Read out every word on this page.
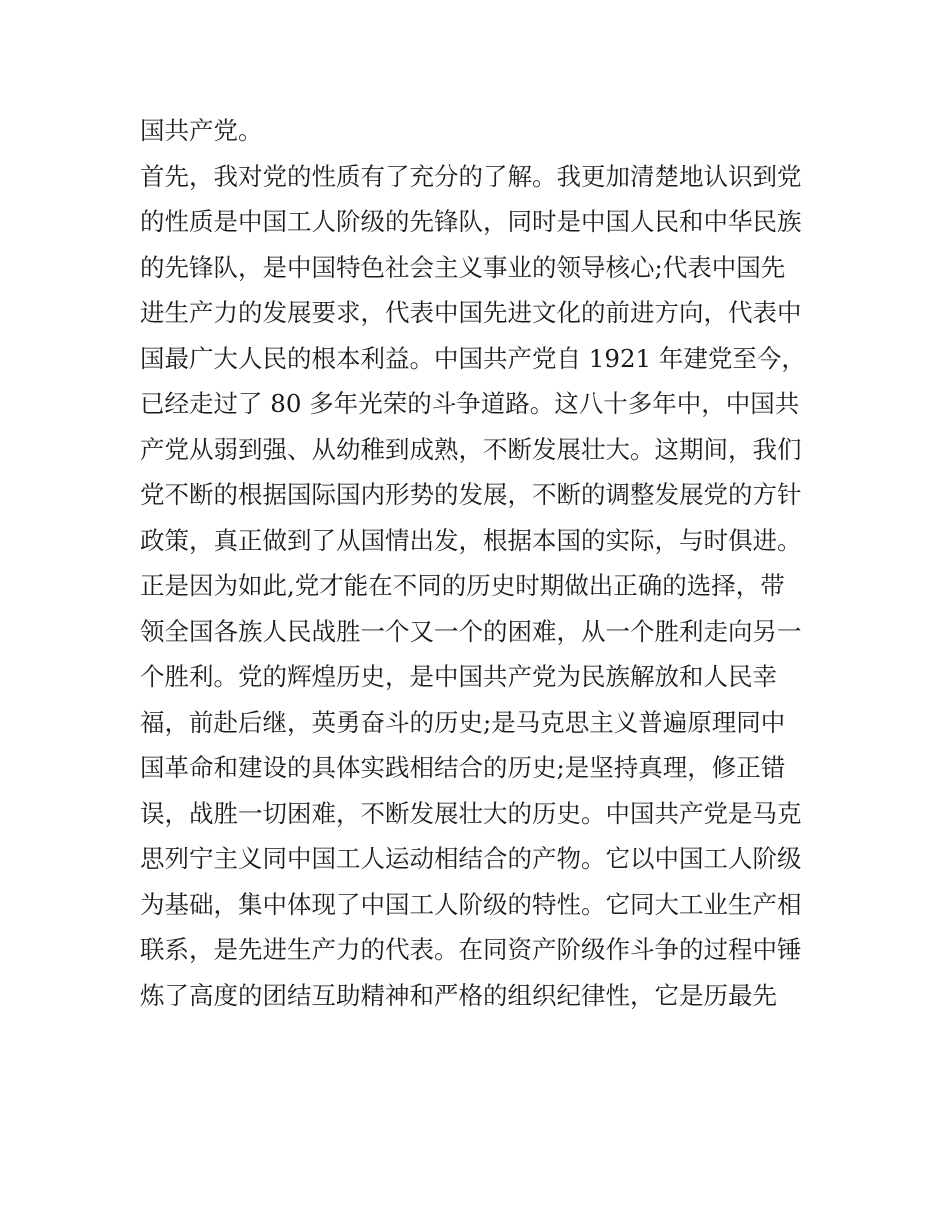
国共产党。
首先，我对党的性质有了充分的了解。我更加清楚地认识到党
的性质是中国工人阶级的先锋队，同时是中国人民和中华民族
的先锋队，是中国特色社会主义事业的领导核心;代表中国先
进生产力的发展要求，代表中国先进文化的前进方向，代表中
国最广大人民的根本利益。中国共产党自 1921 年建党至今，
已经走过了 80 多年光荣的斗争道路。这八十多年中，中国共
产党从弱到强、从幼稚到成熟，不断发展壮大。这期间，我们
党不断的根据国际国内形势的发展，不断的调整发展党的方针
政策，真正做到了从国情出发，根据本国的实际，与时俱进。
正是因为如此,党才能在不同的历史时期做出正确的选择，带
领全国各族人民战胜一个又一个的困难，从一个胜利走向另一
个胜利。党的辉煌历史，是中国共产党为民族解放和人民幸
福，前赴后继，英勇奋斗的历史;是马克思主义普遍原理同中
国革命和建设的具体实践相结合的历史;是坚持真理，修正错
误，战胜一切困难，不断发展壮大的历史。中国共产党是马克
思列宁主义同中国工人运动相结合的产物。它以中国工人阶级
为基础，集中体现了中国工人阶级的特性。它同大工业生产相
联系，是先进生产力的代表。在同资产阶级作斗争的过程中锤
炼了高度的团结互助精神和严格的组织纪律性，它是历最先
